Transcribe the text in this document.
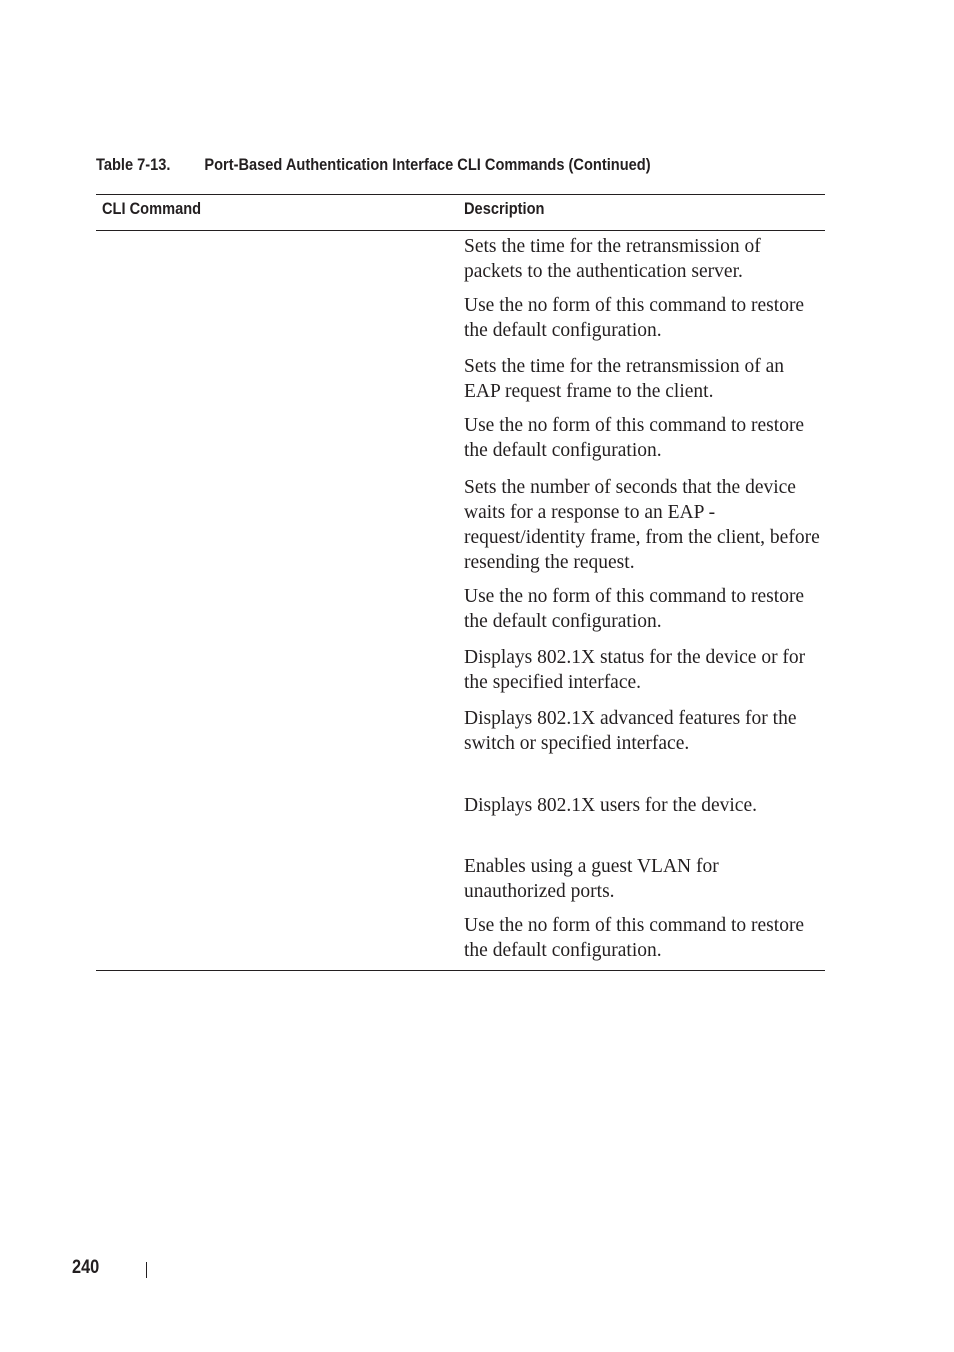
Table 7-13. Port-Based Authentication Interface CLI Commands (Continued)
CLI Command	Description

Sets the time for the retransmission of packets to the authentication server.

Use the no form of this command to restore the default configuration.

Sets the time for the retransmission of an EAP request frame to the client.

Use the no form of this command to restore the default configuration.

Sets the number of seconds that the device waits for a response to an EAP - request/identity frame, from the client, before resending the request.

Use the no form of this command to restore the default configuration.

Displays 802.1X status for the device or for the specified interface.

Displays 802.1X advanced features for the switch or specified interface.

Displays 802.1X users for the device.

Enables using a guest VLAN for unauthorized ports.

Use the no form of this command to restore the default configuration.

240
